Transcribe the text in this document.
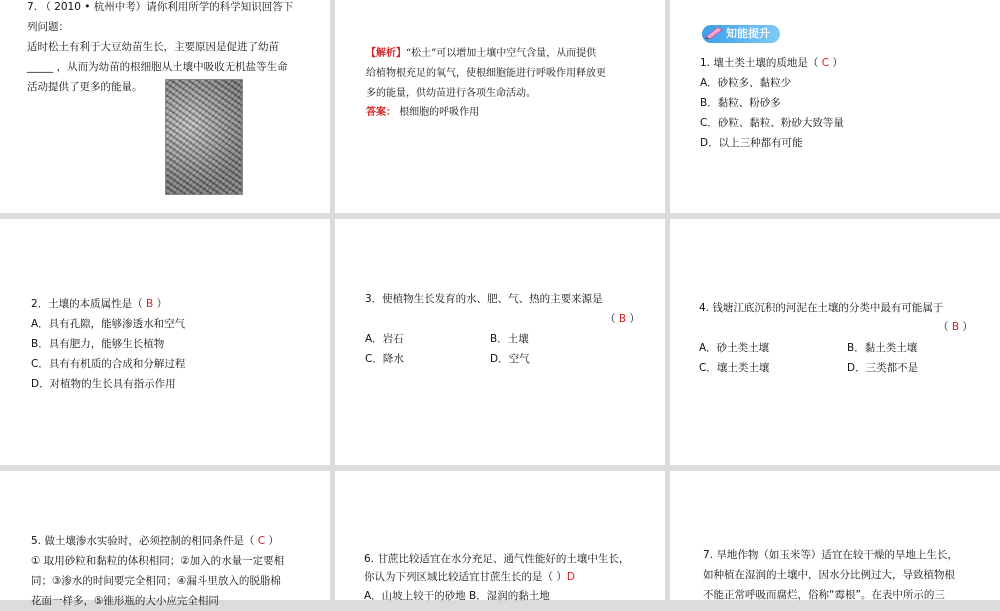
7. （ 2010 • 杭州中考）请你利用所学的科学知识回答下
列问题：
适时松土有利于大豆幼苗生长，主要原因是促进了幼苗
_____ ，从而为幼苗的根细胞从土壤中吸收无机盐等生命
活动提供了更多的能量。
【解析】“松土”可以增加土壤中空气含量，从而提供
给植物根充足的氧气，使根细胞能进行呼吸作用释放更
多的能量，供幼苗进行各项生命活动。
答案： 根细胞的呼吸作用
知能提升
1. 壤土类土壤的质地是（ C ）
A．砂粒多、黏粒少
B．黏粒、粉砂多
C．砂粒、黏粒、粉砂大致等量
D．以上三种都有可能
2．土壤的本质属性是（ B ）
A．具有孔隙，能够渗透水和空气
B．具有肥力，能够生长植物
C．具有有机质的合成和分解过程
D．对植物的生长具有指示作用
3．使植物生长发育的水、肥、气、热的主要来源是
（ B ）
A．岩石	B．土壤
C．降水	D．空气
4. 钱塘江底沉积的河泥在土壤的分类中最有可能属于
（ B ）
A．砂土类土壤	B．黏土类土壤
C．壤土类土壤	D．三类都不是
5. 做土壤渗水实验时，必须控制的相同条件是（ C ）
① 取用砂粒和黏粒的体积相同；②加入的水量一定要相
同；③渗水的时间要完全相同；④漏斗里放入的脱脂棉
花面一样多，⑤锥形瓶的大小应完全相同
6. 甘蔗比较适宜在水分充足、通气性能好的土壤中生长，
你认为下列区域比较适宜甘蔗生长的是（ ）D
A．山坡上较干的砂地 B．湿润的黏土地
7. 旱地作物（如玉米等）适宜在较干燥的旱地上生长，
如种植在湿润的土壤中，因水分比例过大，导致植物根
不能正常呼吸而腐烂，俗称“霉根”。在表中所示的三
